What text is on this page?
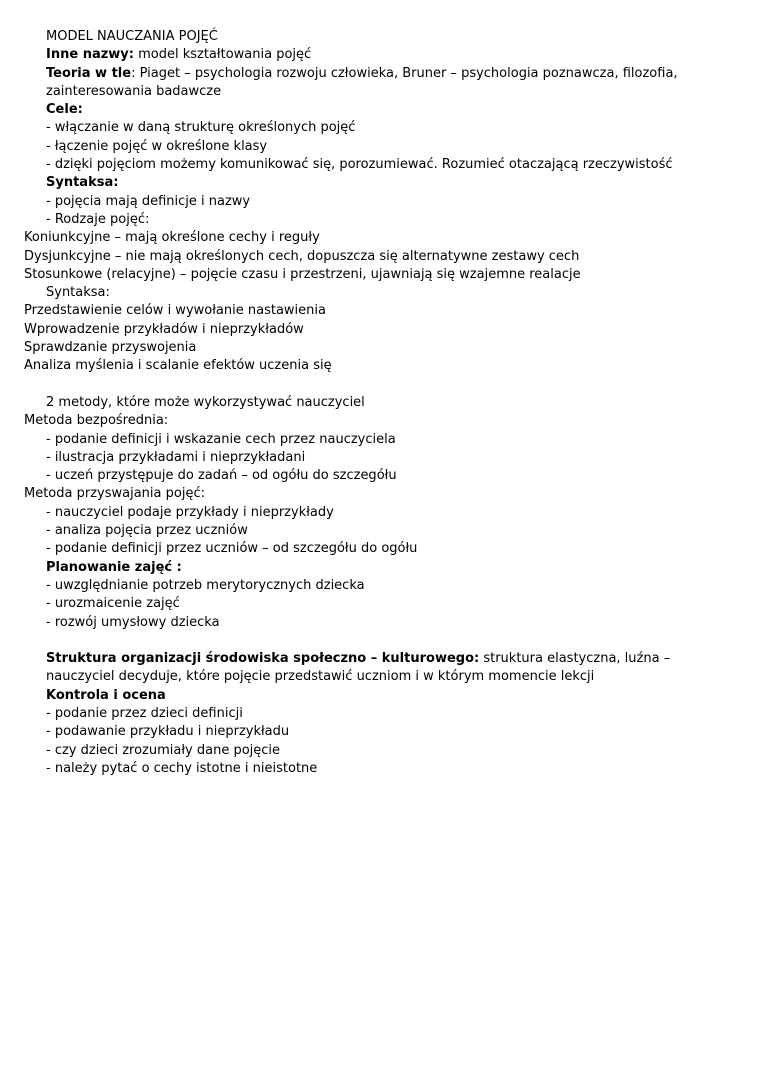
MODEL NAUCZANIA POJĘĆ
Inne nazwy: model kształtowania pojęć
Teoria w tle: Piaget – psychologia rozwoju człowieka, Bruner – psychologia poznawcza, filozofia, zainteresowania badawcze
Cele:
- włączanie w daną strukturę określonych pojęć
- łączenie pojęć w określone klasy
- dzięki pojęciom możemy komunikować się, porozumiewać. Rozumieć otaczającą rzeczywistość
Syntaksa:
- pojęcia mają definicje i nazwy
- Rodzaje pojęć:
Koniunkcyjne – mają określone cechy i reguły
Dysjunkcyjne – nie mają określonych cech, dopuszcza się alternatywne zestawy cech
Stosunkowe (relacyjne) – pojęcie czasu i przestrzeni, ujawniają się wzajemne realacje
Syntaksa:
Przedstawienie celów i wywołanie nastawienia
Wprowadzenie przykładów i nieprzykładów
Sprawdzanie przyswojenia
Analiza myślenia i scalanie efektów uczenia się
2 metody, które może wykorzystywać nauczyciel
Metoda bezpośrednia:
- podanie definicji i wskazanie cech przez nauczyciela
- ilustracja przykładami i nieprzykładani
- uczeń przystępuje do zadań – od ogółu do szczegółu
Metoda przyswajania pojęć:
- nauczyciel podaje przykłady i nieprzykłady
- analiza pojęcia przez uczniów
- podanie definicji przez uczniów – od szczegółu do ogółu
Planowanie zajęć :
- uwzględnianie potrzeb merytorycznych dziecka
- urozmaicenie zajęć
- rozwój umysłowy dziecka
Struktura organizacji środowiska społeczno – kulturowego: struktura elastyczna, luźna – nauczyciel decyduje, które pojęcie przedstawić uczniom i w którym momencie lekcji
Kontrola i ocena
- podanie przez dzieci definicji
- podawanie przykładu i nieprzykładu
- czy dzieci zrozumiały dane pojęcie
- należy pytać o cechy istotne i nieistotne
